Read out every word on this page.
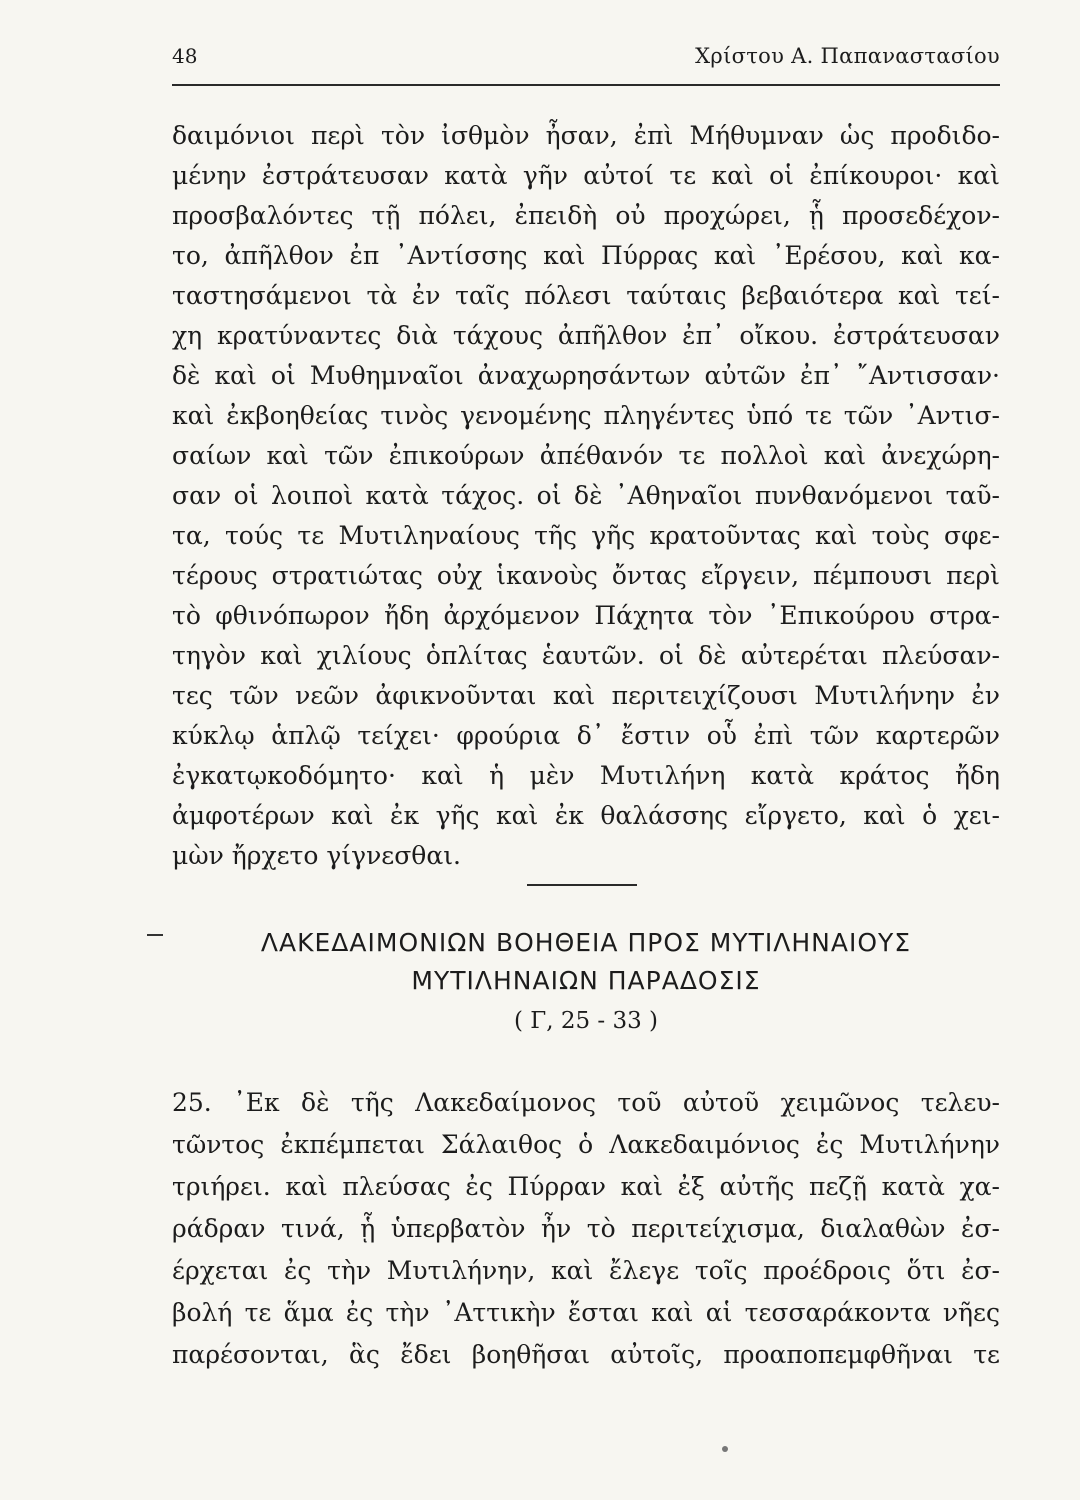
48	Χρίστου Α. Παπαναστασίου
δαιμόνιοι περὶ τὸν ἰσθμὸν ἦσαν, ἐπὶ Μήθυμναν ὡς προδιδο-
μένην ἐστράτευσαν κατὰ γῆν αὐτοί τε καὶ οἱ ἐπίκουροι· καὶ
προσβαλόντες τῇ πόλει, ἐπειδὴ οὐ προχώρει, ᾗ προσεδέχον-
το, ἀπῆλθον ἐπ ᾽Αντίσσης καὶ Πύρρας καὶ ᾽Ερέσου, καὶ κα-
ταστησάμενοι τὰ ἐν ταῖς πόλεσι ταύταις βεβαιότερα καὶ τεί-
χη κρατύναντες διὰ τάχους ἀπῆλθον ἐπ᾽ οἴκου. ἐστράτευσαν
δὲ καὶ οἱ Μυθημναῖοι ἀναχωρησάντων αὐτῶν ἐπ᾽ ῎Αντισσαν·
καὶ ἐκβοηθείας τινὸς γενομένης πληγέντες ὑπό τε τῶν ᾽Αντισ-
σαίων καὶ τῶν ἐπικούρων ἀπέθανόν τε πολλοὶ καὶ ἀνεχώρη-
σαν οἱ λοιποὶ κατὰ τάχος. οἱ δὲ ᾽Αθηναῖοι πυνθανόμενοι ταῦ-
τα, τούς τε Μυτιληναίους τῆς γῆς κρατοῦντας καὶ τοὺς σφε-
τέρους στρατιώτας οὐχ ἱκανοὺς ὄντας εἴργειν, πέμπουσι περὶ
τὸ φθινόπωρον ἤδη ἀρχόμενον Πάχητα τὸν ᾽Επικούρου στρα-
τηγὸν καὶ χιλίους ὁπλίτας ἑαυτῶν. οἱ δὲ αὐτερέται πλεύσαν-
τες τῶν νεῶν ἀφικνοῦνται καὶ περιτειχίζουσι Μυτιλήνην ἐν
κύκλῳ ἁπλῷ τείχει· φρούρια δ᾽ ἔστιν οὗ ἐπὶ τῶν καρτερῶν
ἐγκατῳκοδόμητο· καὶ ἡ μὲν Μυτιλήνη κατὰ κράτος ἤδη
ἀμφοτέρων καὶ ἐκ γῆς καὶ ἐκ θαλάσσης εἴργετο, καὶ ὁ χει-
μὼν ἤρχετο γίγνεσθαι.
ΛΑΚΕΔΑΙΜΟΝΙΩΝ ΒΟΗΘΕΙΑ ΠΡΟΣ ΜΥΤΙΛΗΝΑΙΟΥΣ
ΜΥΤΙΛΗΝΑΙΩΝ ΠΑΡΑΔΟΣΙΣ
( Γ, 25 - 33 )
25. ᾽Εκ δὲ τῆς Λακεδαίμονος τοῦ αὐτοῦ χειμῶνος τελευ-
τῶντος ἐκπέμπεται Σάλαιθος ὁ Λακεδαιμόνιος ἐς Μυτιλήνην
τριήρει. καὶ πλεύσας ἐς Πύρραν καὶ ἐξ αὐτῆς πεζῇ κατὰ χα-
ράδραν τινά, ᾗ ὑπερβατὸν ἦν τὸ περιτείχισμα, διαλαθὼν ἐσ-
έρχεται ἐς τὴν Μυτιλήνην, καὶ ἔλεγε τοῖς προέδροις ὅτι ἐσ-
βολή τε ἅμα ἐς τὴν ᾽Αττικὴν ἔσται καὶ αἱ τεσσαράκοντα νῆες
παρέσονται, ἃς ἔδει βοηθῆσαι αὐτοῖς, προαποπεμφθῆναι τε
